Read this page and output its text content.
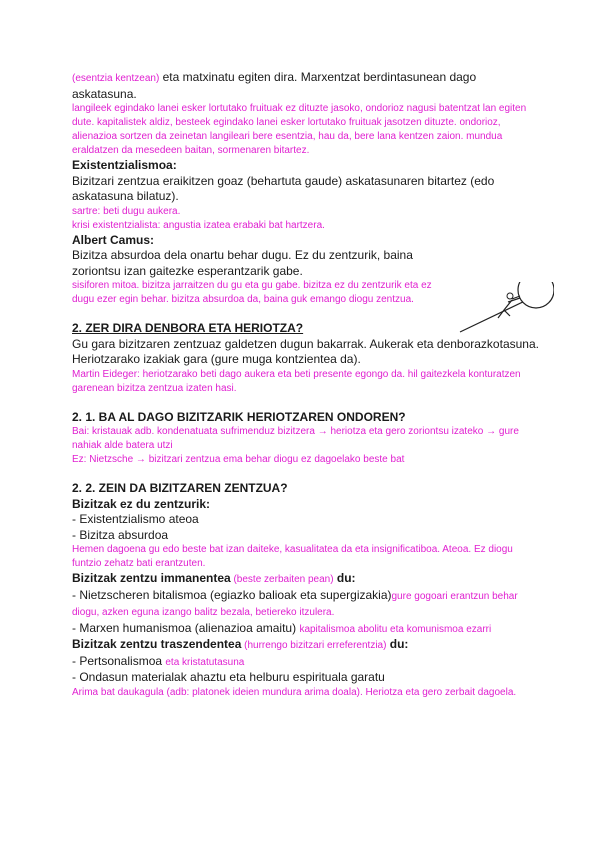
(esentzia kentzean) eta matxinatu egiten dira. Marxentzat berdintasunean dago askatasuna.

langileek egindako lanei esker lortutako fruituak ez dituzte jasoko, ondorioz nagusi batentzat lan egiten dute. kapitalistek aldiz, besteek egindako lanei esker lortutako fruituak jasotzen dituzte. ondorioz, alienazioa sortzen da zeinetan langileari bere esentzia, hau da, bere lana kentzen zaion. mundua eraldatzen da mesedeen baitan, sormenaren bitartez.

Existentzialismoa:

Bizitzari zentzua eraikitzen goaz (behartuta gaude) askatasunaren bitartez (edo askatasuna bilatuz).

sartre: beti dugu aukera.

krisi existentzialista: angustia izatea erabaki bat hartzera.

Albert Camus:

Bizitza absurdoa dela onartu behar dugu. Ez du zentzurik, baina zoriontsu izan gaitezke esperantzarik gabe.

sisiforen mitoa. bizitza jarraitzen du gu eta gu gabe. bizitza ez du zentzurik eta ez dugu ezer egin behar. bizitza absurdoa da, baina guk emango diogu zentzua.

2. ZER DIRA DENBORA ETA HERIOTZA?

Gu gara bizitzaren zentzuaz galdetzen dugun bakarrak. Aukerak eta denborazkotasuna.

Heriotzarako izakiak gara (gure muga kontzientea da).

Martin Eideger: heriotzarako beti dago aukera eta beti presente egongo da. hil gaitezkela konturatzen garenean bizitza zentzua izaten hasi.

2. 1. BA AL DAGO BIZITZARIK HERIOTZAREN ONDOREN?

Bai: kristauak adb. kondenatuata sufrimenduz bizitzera → heriotza eta gero zoriontsu izateko → gure nahiak alde batera utzi

Ez: Nietzsche → bizitzari zentzua ema behar diogu ez dagoelako beste bat

2. 2. ZEIN DA BIZITZAREN ZENTZUA?

Bizitzak ez du zentzurik:

- Existentzialismo ateoa

- Bizitza absurdoa

Hemen dagoena gu edo beste bat izan daiteke, kasualitatea da eta insignificatiboa. Ateoa. Ez diogu funtzio zehatz bati erantzuten.

Bizitzak zentzu immanentea (beste zerbaiten pean) du:

- Nietzscheren bitalismoa (egiazko balioak eta supergizakia)gure gogoari erantzun behar diogu, azken eguna izango balitz bezala, betiereko itzulera.

- Marxen humanismoa (alienazioa amaitu) kapitalismoa abolitu eta komunismoa ezarri

Bizitzak zentzu traszendentea (hurrengo bizitzari erreferentzia) du:

- Pertsonalismoa eta kristatutasuna

- Ondasun materialak ahaztu eta helburu espirituala garatu

Arima bat daukagula (adb: platonek ideien mundura arima doala). Heriotza eta gero zerbait dagoela.
